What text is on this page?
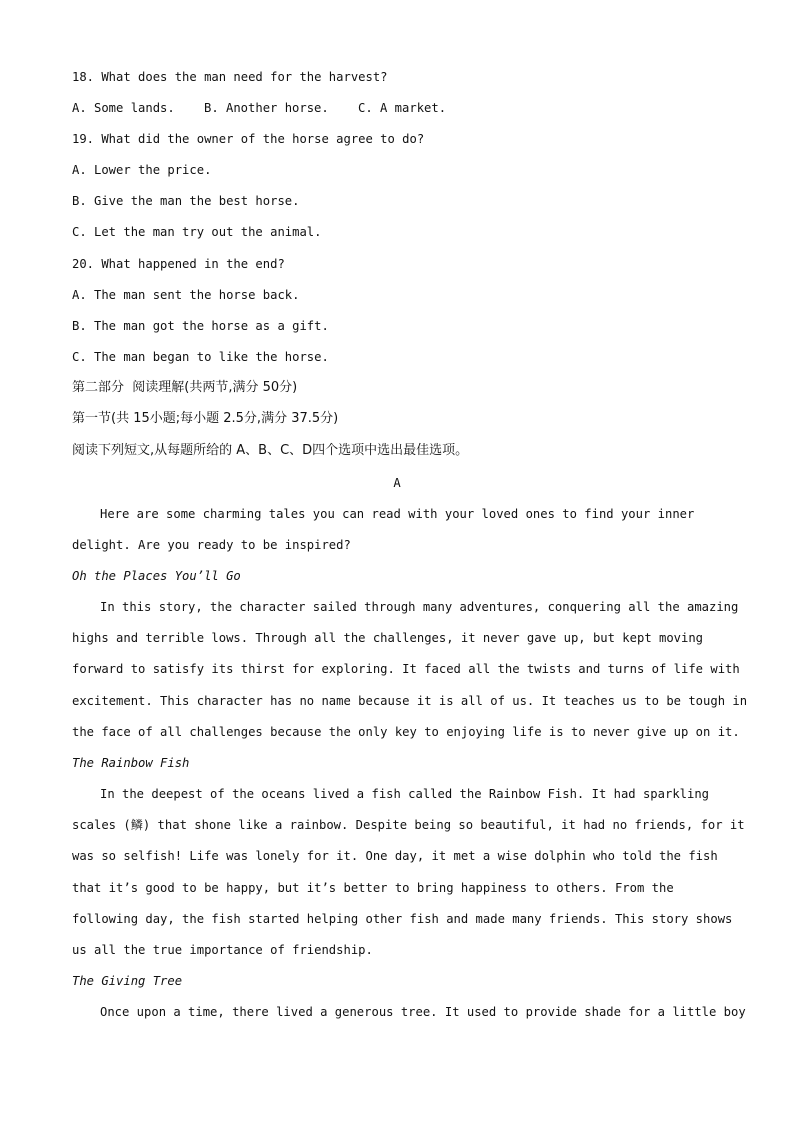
18. What does the man need for the harvest?
A. Some lands. B. Another horse. C. A market.
19. What did the owner of the horse agree to do?
A. Lower the price.
B. Give the man the best horse.
C. Let the man try out the animal.
20. What happened in the end?
A. The man sent the horse back.
B. The man got the horse as a gift.
C. The man began to like the horse.
第二部分  阅读理解(共两节,满分 50分)
第一节(共 15小题;每小题 2.5分,满分 37.5分)
阅读下列短文,从每题所给的 A、B、C、D四个选项中选出最佳选项。
A
Here are some charming tales you can read with your loved ones to find your inner
delight. Are you ready to be inspired?
Oh the Places You’ll Go
In this story, the character sailed through many adventures, conquering all the amazing
highs and terrible lows. Through all the challenges, it never gave up, but kept moving
forward to satisfy its thirst for exploring. It faced all the twists and turns of life with
excitement. This character has no name because it is all of us. It teaches us to be tough in
the face of all challenges because the only key to enjoying life is to never give up on it.
The Rainbow Fish
In the deepest of the oceans lived a fish called the Rainbow Fish. It had sparkling
scales (鳞) that shone like a rainbow. Despite being so beautiful, it had no friends, for it
was so selfish! Life was lonely for it. One day, it met a wise dolphin who told the fish
that it’s good to be happy, but it’s better to bring happiness to others. From the
following day, the fish started helping other fish and made many friends. This story shows
us all the true importance of friendship.
The Giving Tree
Once upon a time, there lived a generous tree. It used to provide shade for a little boy
